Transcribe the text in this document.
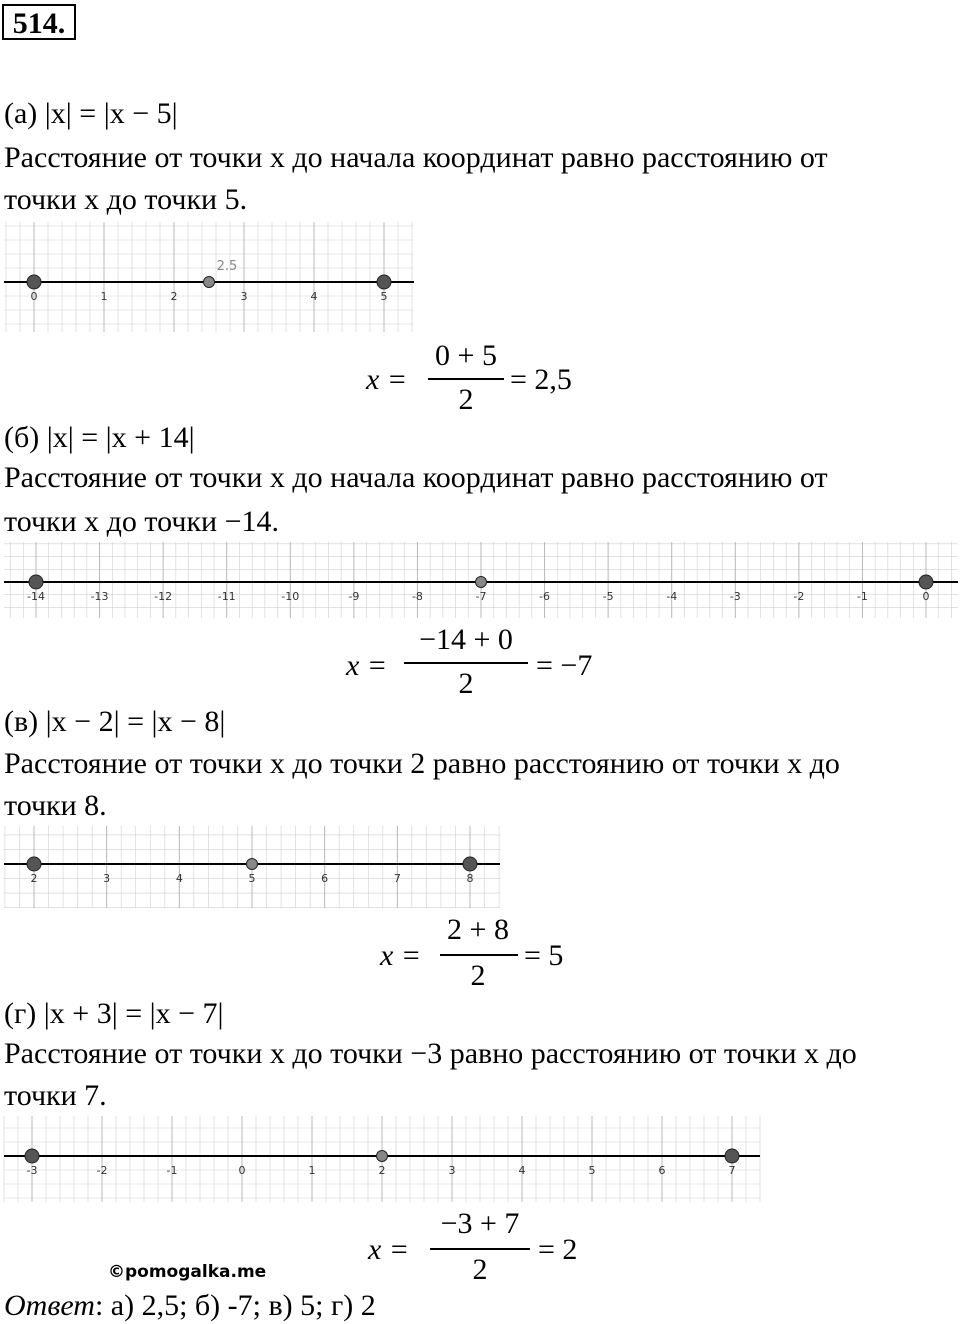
514.
(а) |x| = |x − 5|
Расстояние от точки x до начала координат равно расстоянию от
точки x до точки 5.
0	1	2	3	4	5
2.5
x =
0 + 5
2
= 2,5
(б) |x| = |x + 14|
Расстояние от точки x до начала координат равно расстоянию от
точки x до точки −14.
-14	-13	-12	-11	-10	-9	-8	-7	-6	-5	-4	-3	-2	-1	0
x =
−14 + 0
2
= −7
(в) |x − 2| = |x − 8|
Расстояние от точки x до точки 2 равно расстоянию от точки x до
точки 8.
2	3	4	5	6	7	8
x =
2 + 8
2
= 5
(г) |x + 3| = |x − 7|
Расстояние от точки x до точки −3 равно расстоянию от точки x до
точки 7.
-3	-2	-1	0	1	2	3	4	5	6	7
x =
−3 + 7
2
= 2
©pomogalka.me
Ответ: а) 2,5; б) -7; в) 5; г) 2
